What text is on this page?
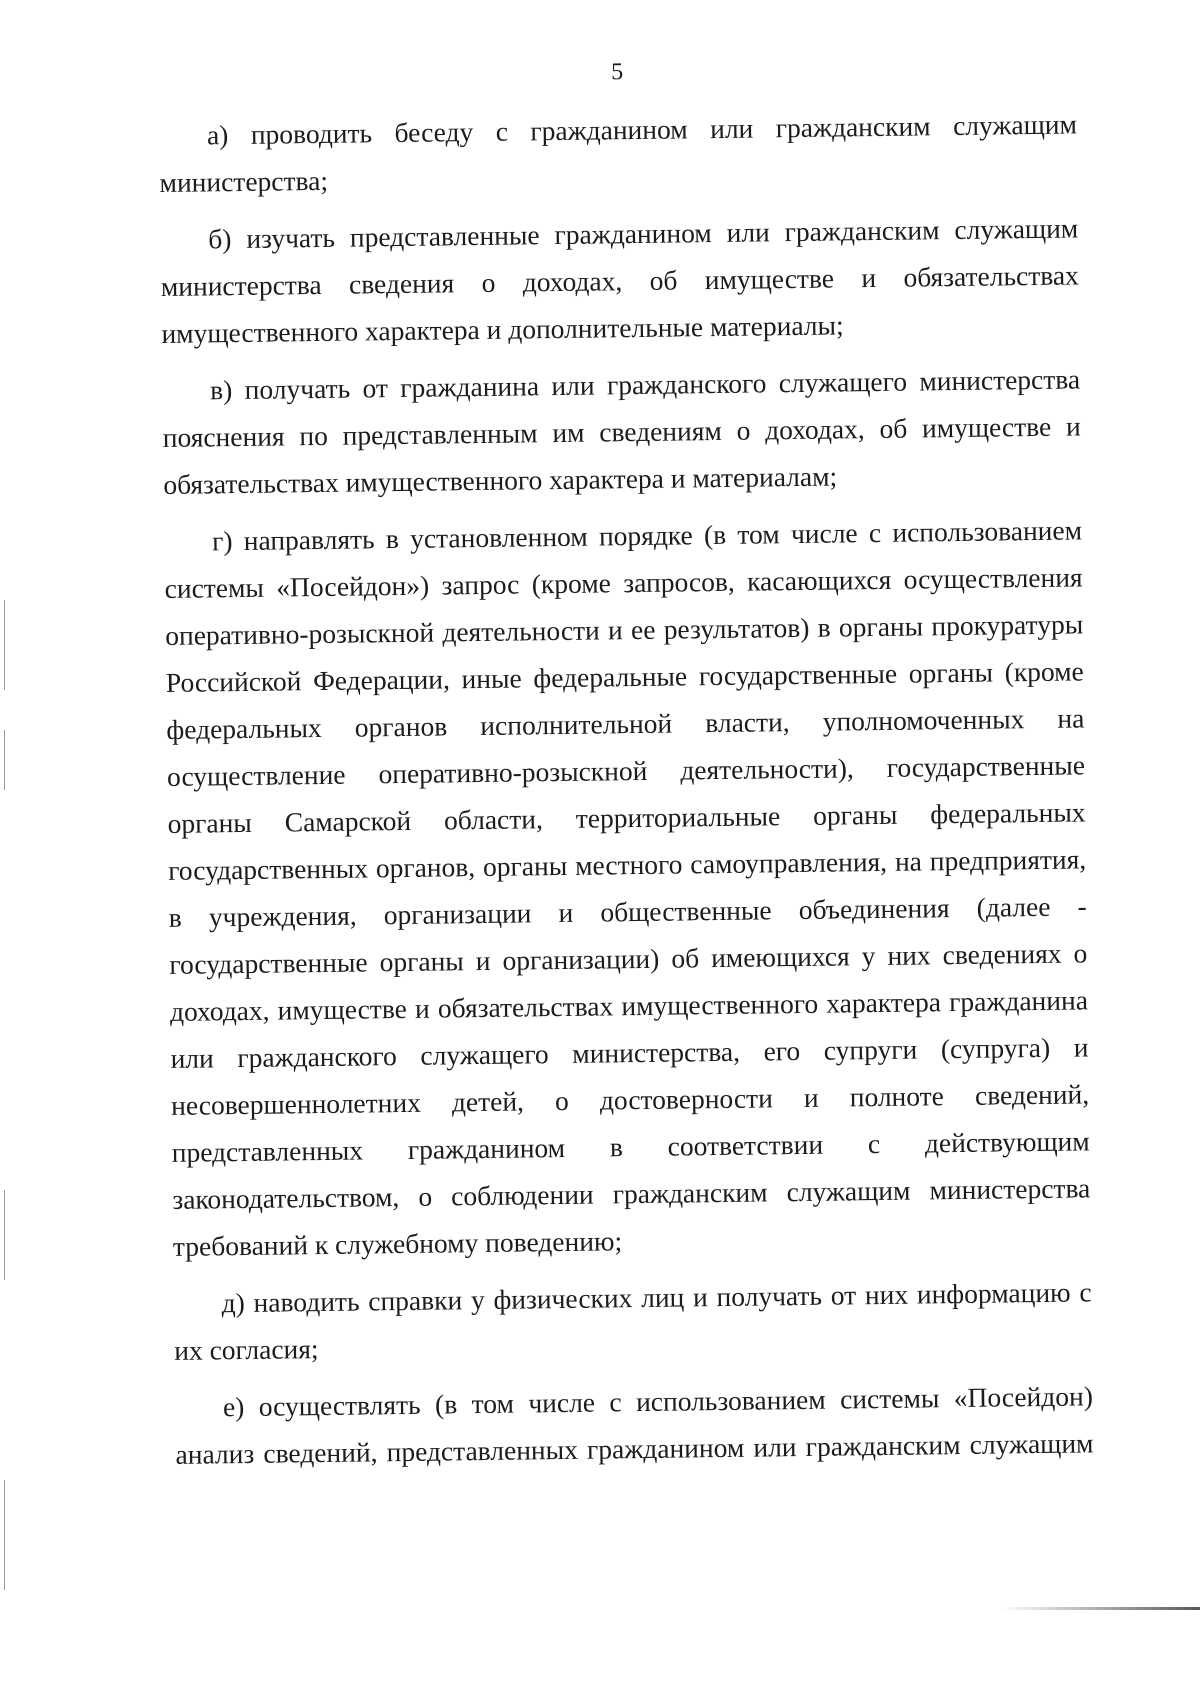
5
а) проводить беседу с гражданином или гражданским служащим
министерства;
б) изучать представленные гражданином или гражданским служащим
министерства сведения о доходах, об имуществе и обязательствах
имущественного характера и дополнительные материалы;
в) получать от гражданина или гражданского служащего министерства
пояснения по представленным им сведениям о доходах, об имуществе и
обязательствах имущественного характера и материалам;
г) направлять в установленном порядке (в том числе с использованием
системы «Посейдон») запрос (кроме запросов, касающихся осуществления
оперативно-розыскной деятельности и ее результатов) в органы прокуратуры
Российской Федерации, иные федеральные государственные органы (кроме
федеральных органов исполнительной власти, уполномоченных на
осуществление оперативно-розыскной деятельности), государственные
органы Самарской области, территориальные органы федеральных
государственных органов, органы местного самоуправления, на предприятия,
в учреждения, организации и общественные объединения (далее -
государственные органы и организации) об имеющихся у них сведениях о
доходах, имуществе и обязательствах имущественного характера гражданина
или гражданского служащего министерства, его супруги (супруга) и
несовершеннолетних детей, о достоверности и полноте сведений,
представленных гражданином в соответствии с действующим
законодательством, о соблюдении гражданским служащим министерства
требований к служебному поведению;
д) наводить справки у физических лиц и получать от них информацию с
их согласия;
е) осуществлять (в том числе с использованием системы «Посейдон)
анализ сведений, представленных гражданином или гражданским служащим
